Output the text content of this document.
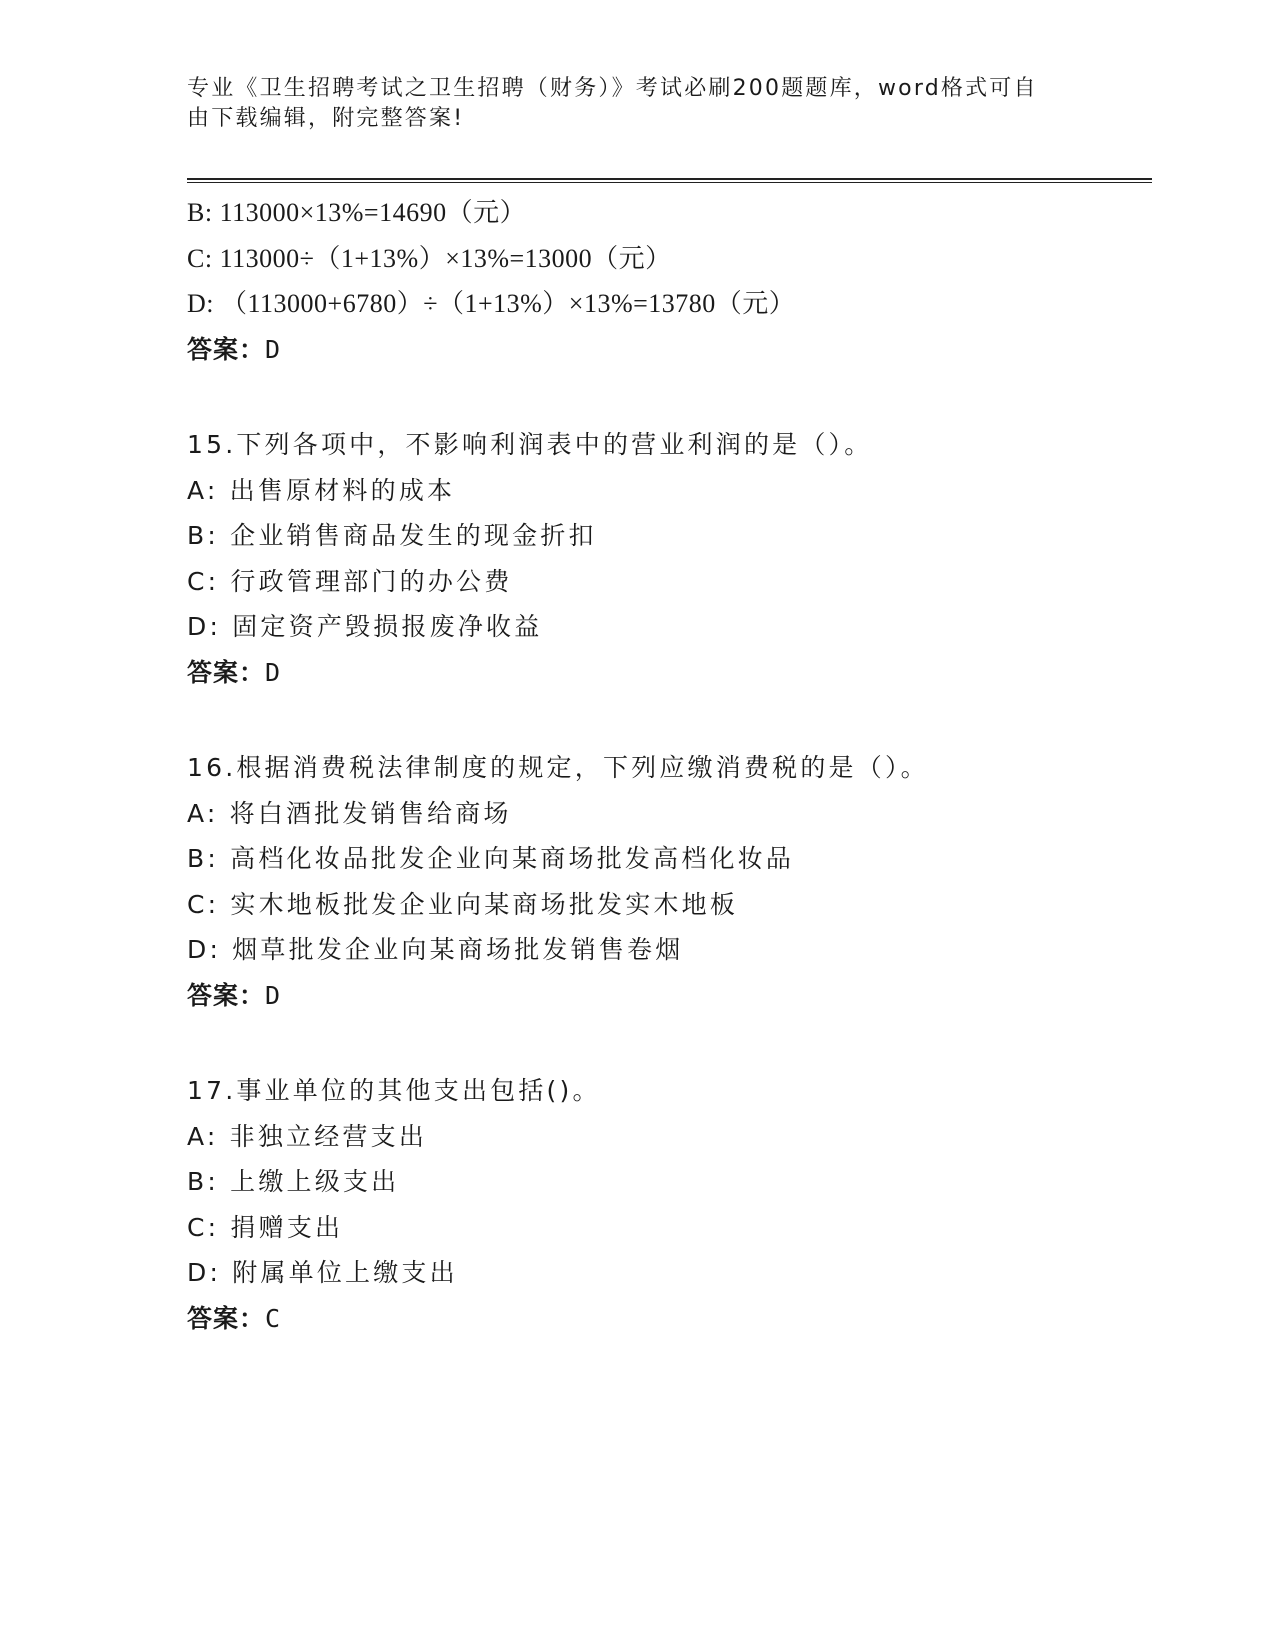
专业《卫生招聘考试之卫生招聘（财务）》考试必刷200题题库，word格式可自
由下载编辑，附完整答案!
B: 113000×13%=14690（元）
C: 113000÷（1+13%）×13%=13000（元）
D: （113000+6780）÷（1+13%）×13%=13780（元）
答案：D
15.下列各项中，不影响利润表中的营业利润的是（）。
A: 出售原材料的成本
B: 企业销售商品发生的现金折扣
C: 行政管理部门的办公费
D: 固定资产毁损报废净收益
答案：D
16.根据消费税法律制度的规定，下列应缴消费税的是（）。
A: 将白酒批发销售给商场
B: 高档化妆品批发企业向某商场批发高档化妆品
C: 实木地板批发企业向某商场批发实木地板
D: 烟草批发企业向某商场批发销售卷烟
答案：D
17.事业单位的其他支出包括()。
A: 非独立经营支出
B: 上缴上级支出
C: 捐赠支出
D: 附属单位上缴支出
答案：C
